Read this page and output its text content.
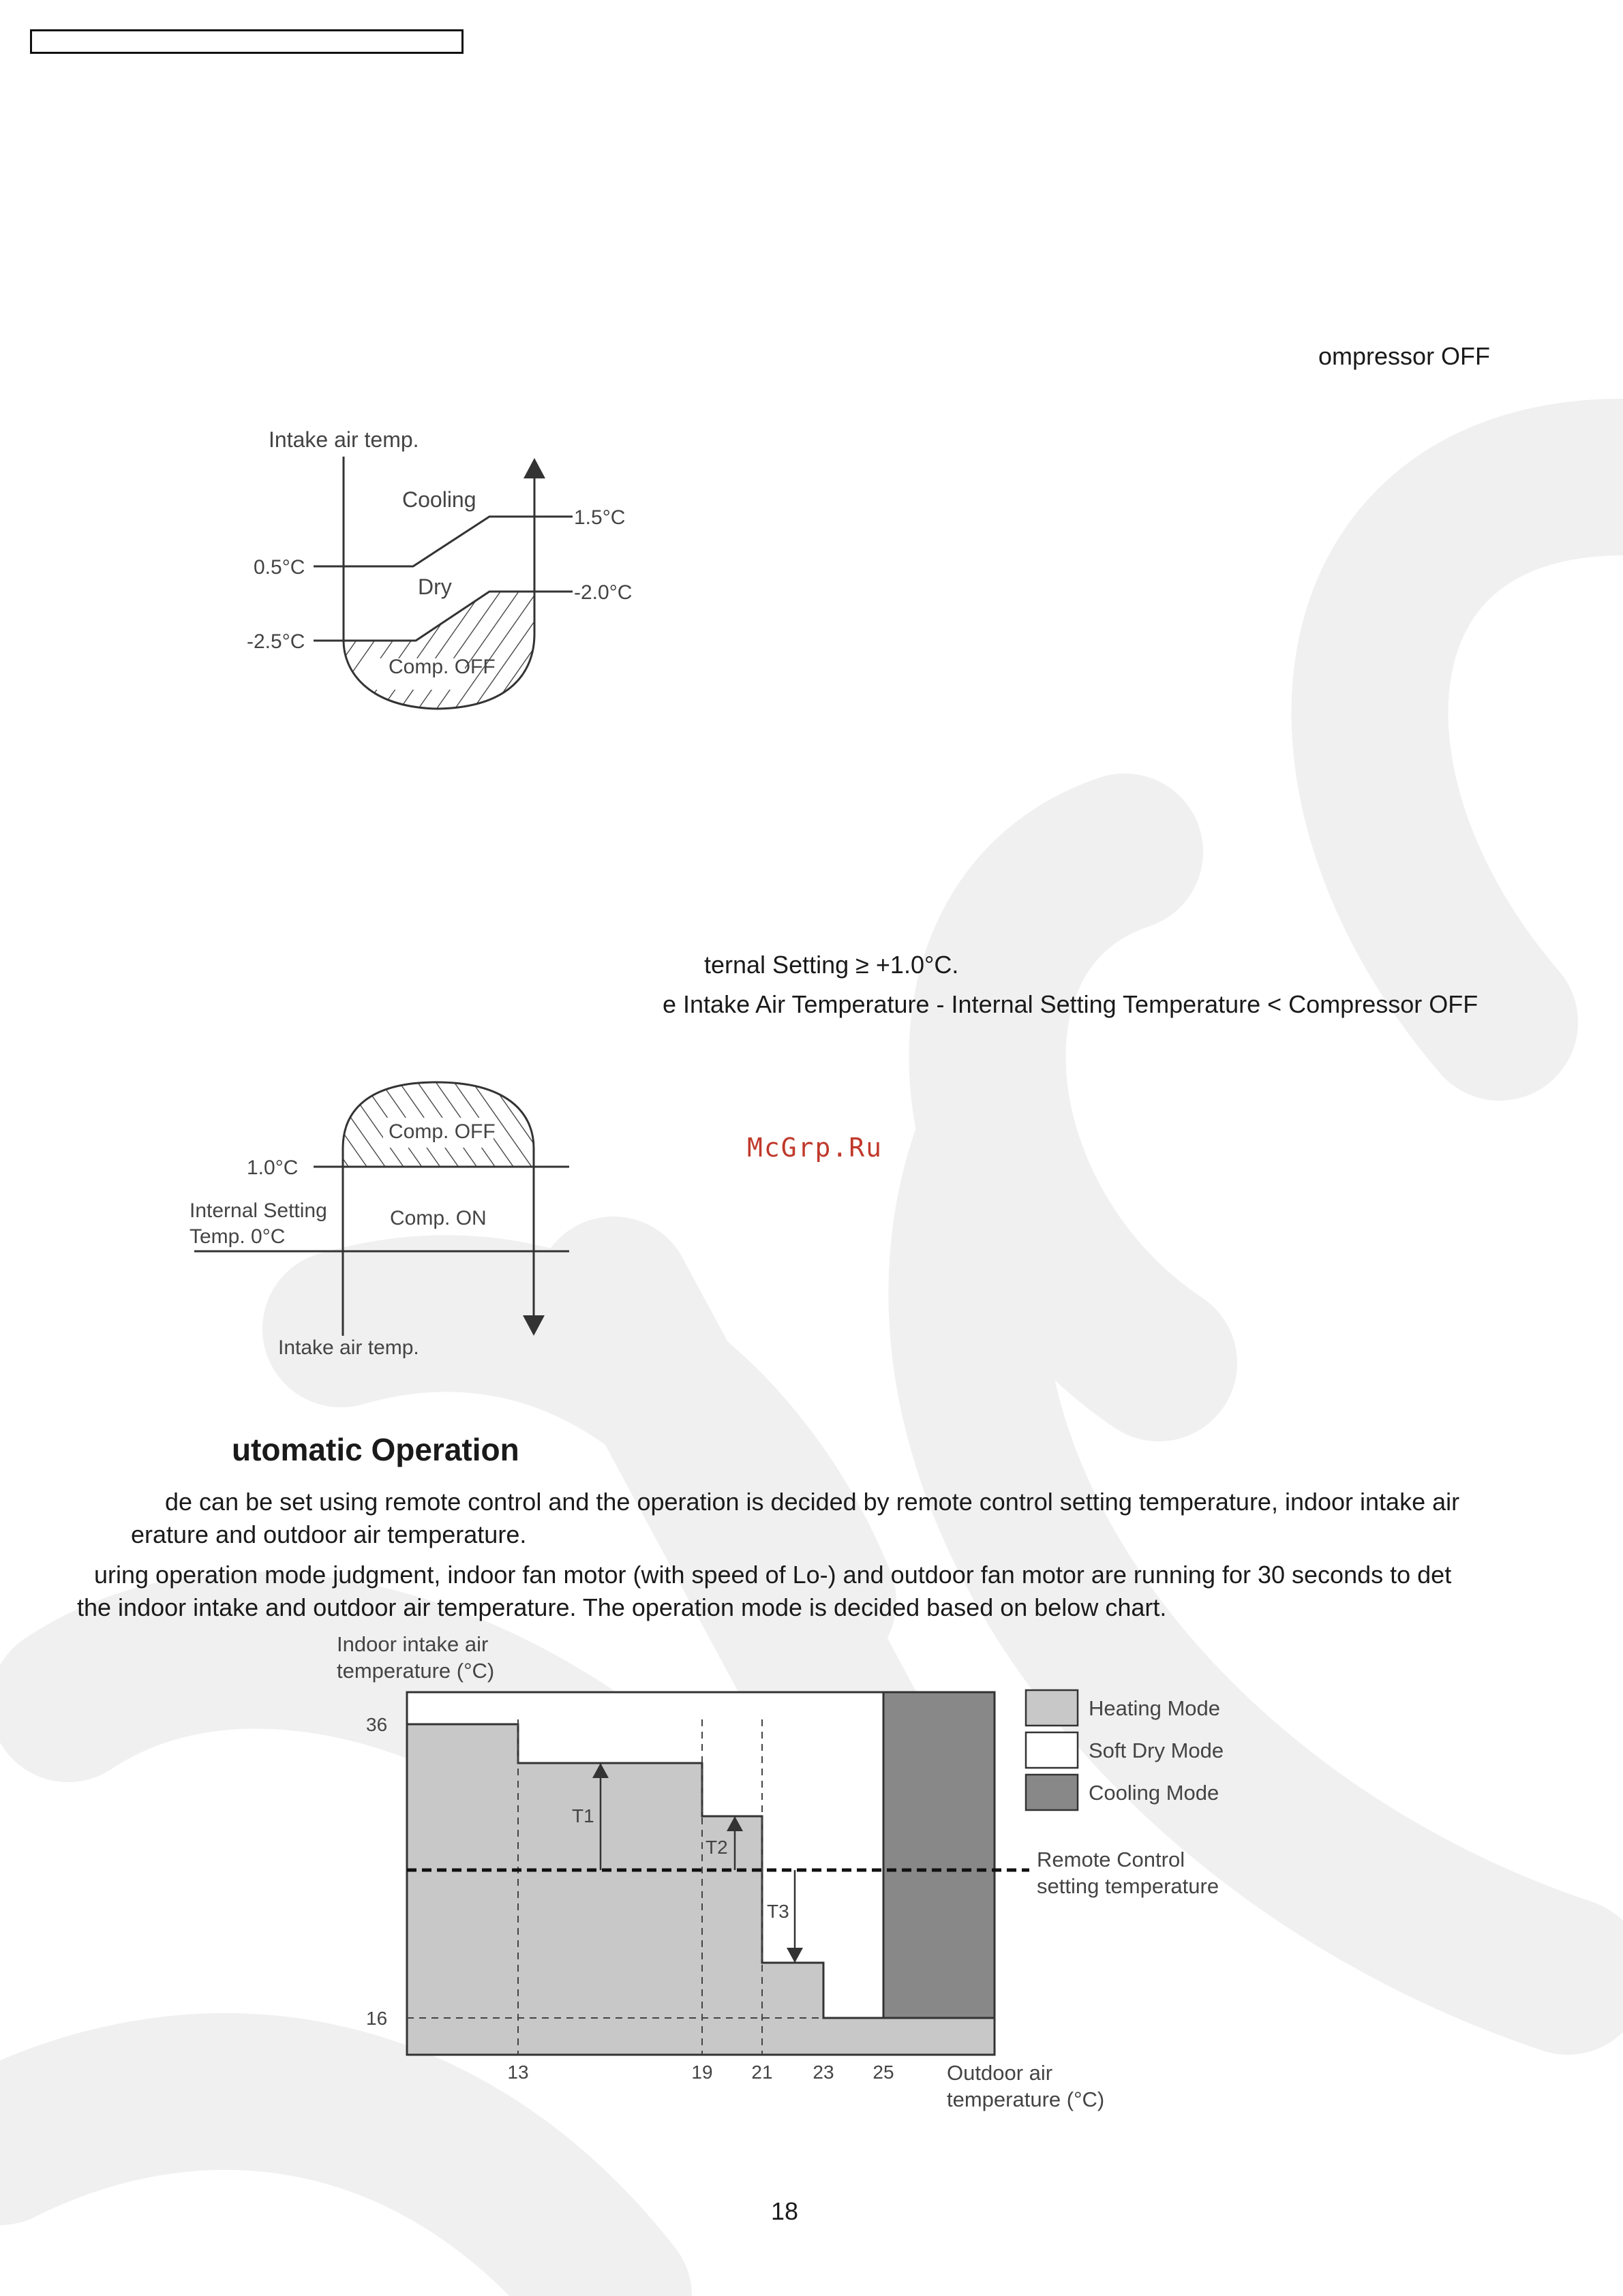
ompressor OFF
Intake air temp.
Cooling
Dry
Comp. OFF
0.5°C
-2.5°C
1.5°C
-2.0°C
ternal Setting ≥ +1.0°C.
e Intake Air Temperature - Internal Setting Temperature < Compressor OFF
Comp. OFF
Comp. ON
1.0°C
Internal Setting
Temp. 0°C
Intake air temp.
McGrp.Ru
utomatic Operation
de can be set using remote control and the operation is decided by remote control setting temperature, indoor intake air
erature and outdoor air temperature.
uring operation mode judgment, indoor fan motor (with speed of Lo-) and outdoor fan motor are running for 30 seconds to det
the indoor intake and outdoor air temperature. The operation mode is decided based on below chart.
T1
T2
T3
Indoor intake air
temperature (°C)
36
16
13	19 21 23 25 Outdoor air
temperature (°C)
Heating Mode
Soft Dry Mode
Cooling Mode
Remote Control
setting temperature
18
